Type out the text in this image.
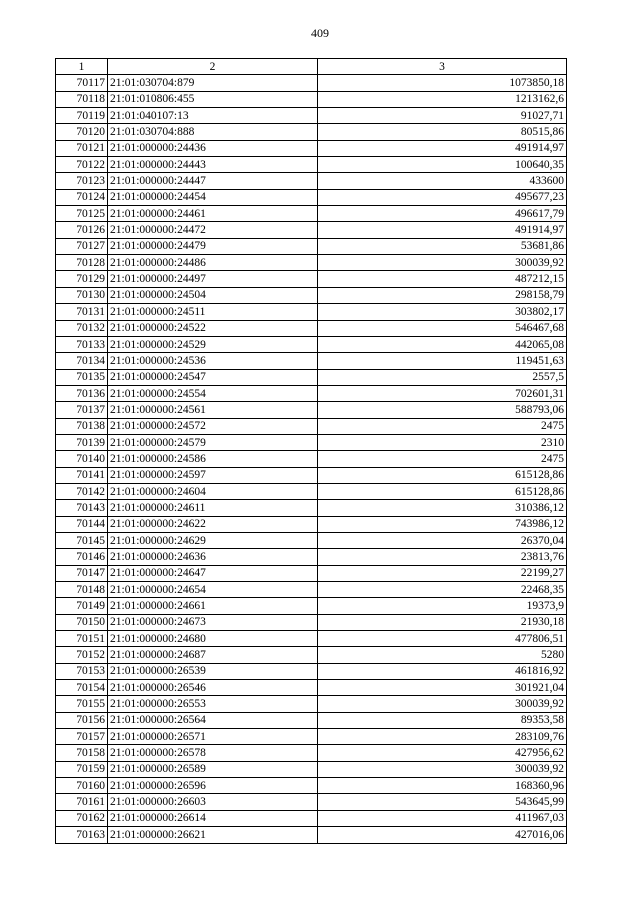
409
1	2	3
70117	21:01:030704:879	1073850,18
70118	21:01:010806:455	1213162,6
70119	21:01:040107:13	91027,71
70120	21:01:030704:888	80515,86
70121	21:01:000000:24436	491914,97
70122	21:01:000000:24443	100640,35
70123	21:01:000000:24447	433600
70124	21:01:000000:24454	495677,23
70125	21:01:000000:24461	496617,79
70126	21:01:000000:24472	491914,97
70127	21:01:000000:24479	53681,86
70128	21:01:000000:24486	300039,92
70129	21:01:000000:24497	487212,15
70130	21:01:000000:24504	298158,79
70131	21:01:000000:24511	303802,17
70132	21:01:000000:24522	546467,68
70133	21:01:000000:24529	442065,08
70134	21:01:000000:24536	119451,63
70135	21:01:000000:24547	2557,5
70136	21:01:000000:24554	702601,31
70137	21:01:000000:24561	588793,06
70138	21:01:000000:24572	2475
70139	21:01:000000:24579	2310
70140	21:01:000000:24586	2475
70141	21:01:000000:24597	615128,86
70142	21:01:000000:24604	615128,86
70143	21:01:000000:24611	310386,12
70144	21:01:000000:24622	743986,12
70145	21:01:000000:24629	26370,04
70146	21:01:000000:24636	23813,76
70147	21:01:000000:24647	22199,27
70148	21:01:000000:24654	22468,35
70149	21:01:000000:24661	19373,9
70150	21:01:000000:24673	21930,18
70151	21:01:000000:24680	477806,51
70152	21:01:000000:24687	5280
70153	21:01:000000:26539	461816,92
70154	21:01:000000:26546	301921,04
70155	21:01:000000:26553	300039,92
70156	21:01:000000:26564	89353,58
70157	21:01:000000:26571	283109,76
70158	21:01:000000:26578	427956,62
70159	21:01:000000:26589	300039,92
70160	21:01:000000:26596	168360,96
70161	21:01:000000:26603	543645,99
70162	21:01:000000:26614	411967,03
70163	21:01:000000:26621	427016,06
